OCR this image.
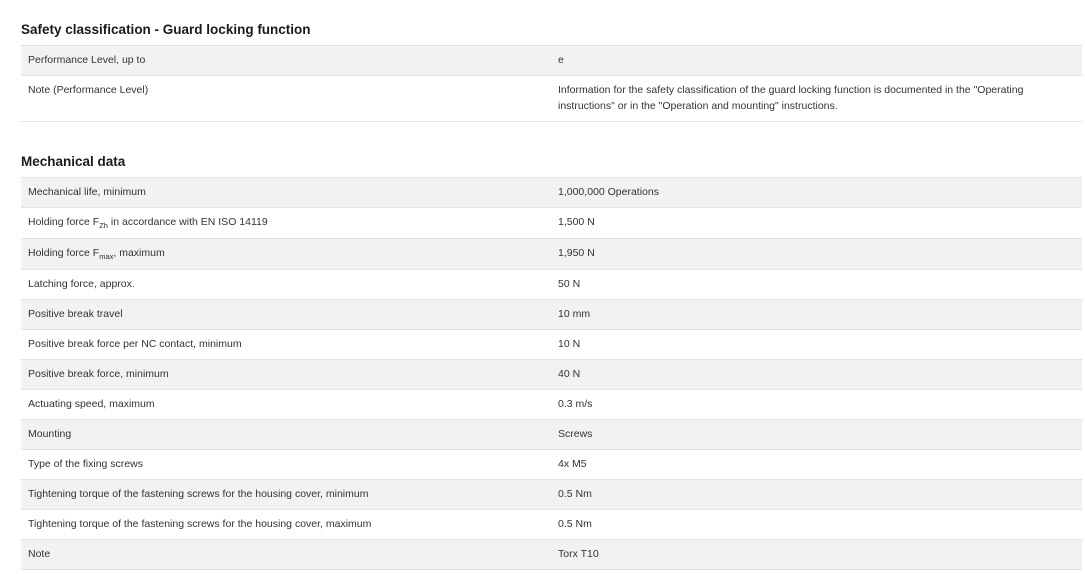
Safety classification - Guard locking function
Performance Level, up to	e
Note (Performance Level)	Information for the safety classification of the guard locking function is documented in the "Operating instructions" or in the "Operation and mounting" instructions.
Mechanical data
Mechanical life, minimum	1,000,000 Operations
Holding force $F_{Zh}$ in accordance with EN ISO 14119	1,500 N
Holding force $F_{max}$, maximum	1,950 N
Latching force, approx.	50 N
Positive break travel	10 mm
Positive break force per NC contact, minimum	10 N
Positive break force, minimum	40 N
Actuating speed, maximum	0.3 m/s
Mounting	Screws
Type of the fixing screws	4x M5
Tightening torque of the fastening screws for the housing cover, minimum	0.5 Nm
Tightening torque of the fastening screws for the housing cover, maximum	0.5 Nm
Note	Torx T10
